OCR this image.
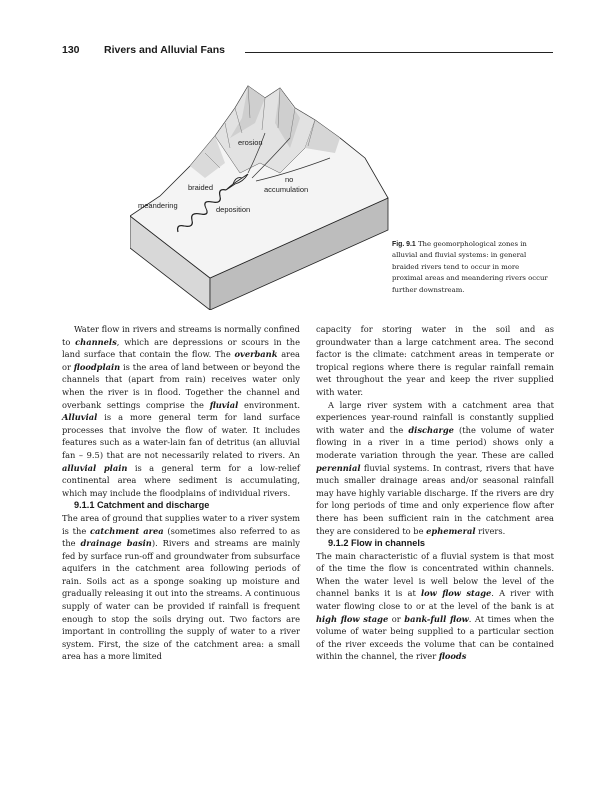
130 Rivers and Alluvial Fans
erosion
no
accumulation
braided
meandering	deposition
Fig. 9.1 The geomorphological zones in alluvial and fluvial systems: in general braided rivers tend to occur in more proximal areas and meandering rivers occur further downstream.

Water flow in rivers and streams is normally confined to channels, which are depressions or scours in the land surface that contain the flow. The overbank area or floodplain is the area of land between or beyond the channels that (apart from rain) receives water only when the river is in flood. Together the channel and overbank settings comprise the fluvial environment. Alluvial is a more general term for land surface processes that involve the flow of water. It includes features such as a water-lain fan of detritus (an alluvial fan – 9.5) that are not necessarily related to rivers. An alluvial plain is a general term for a low-relief continental area where sediment is accumulating, which may include the floodplains of individual rivers.

9.1.1 Catchment and discharge

The area of ground that supplies water to a river system is the catchment area (sometimes also referred to as the drainage basin). Rivers and streams are mainly fed by surface run-off and groundwater from subsurface aquifers in the catchment area following periods of rain. Soils act as a sponge soaking up moisture and gradually releasing it out into the streams. A continuous supply of water can be provided if rainfall is frequent enough to stop the soils drying out. Two factors are important in controlling the supply of water to a river system. First, the size of the catchment area: a small area has a more limited

capacity for storing water in the soil and as groundwater than a large catchment area. The second factor is the climate: catchment areas in temperate or tropical regions where there is regular rainfall remain wet throughout the year and keep the river supplied with water.

A large river system with a catchment area that experiences year-round rainfall is constantly supplied with water and the discharge (the volume of water flowing in a river in a time period) shows only a moderate variation through the year. These are called perennial fluvial systems. In contrast, rivers that have much smaller drainage areas and/or seasonal rainfall may have highly variable discharge. If the rivers are dry for long periods of time and only experience flow after there has been sufficient rain in the catchment area they are considered to be ephemeral rivers.

9.1.2 Flow in channels

The main characteristic of a fluvial system is that most of the time the flow is concentrated within channels. When the water level is well below the level of the channel banks it is at low flow stage. A river with water flowing close to or at the level of the bank is at high flow stage or bank-full flow. At times when the volume of water being supplied to a particular section of the river exceeds the volume that can be contained within the channel, the river floods
